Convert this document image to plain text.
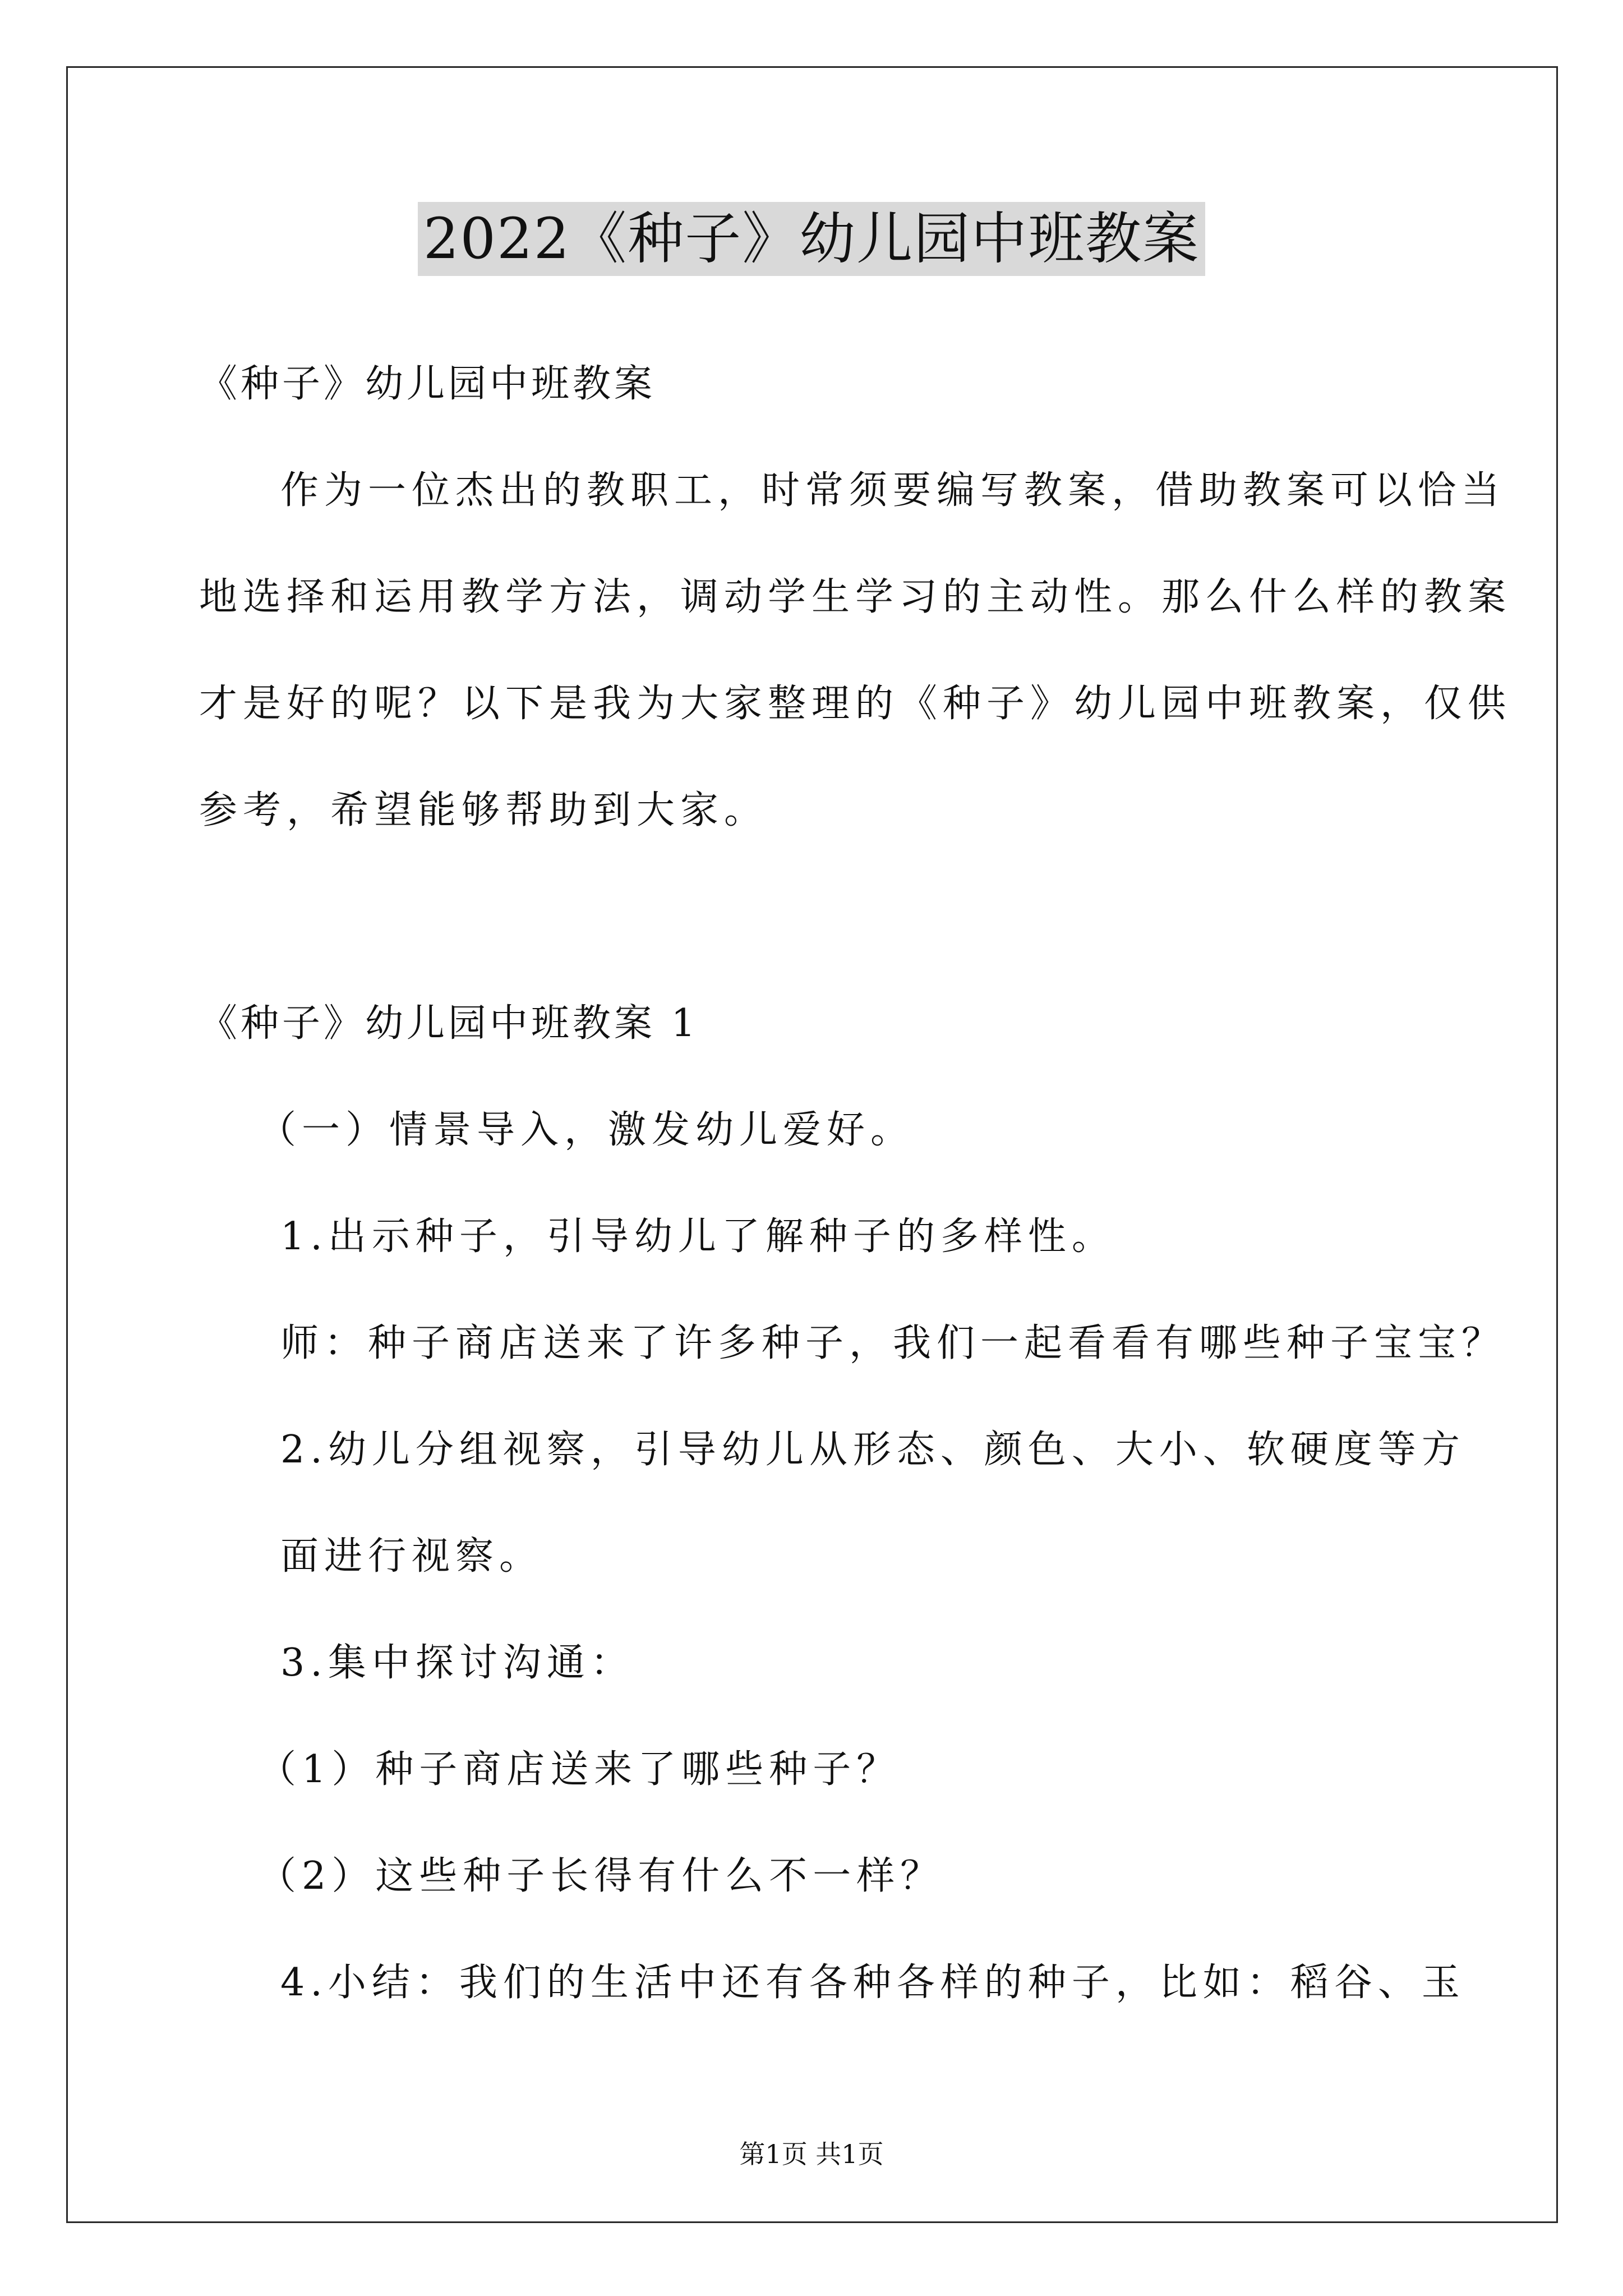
2022《种子》幼儿园中班教案
《种子》幼儿园中班教案
作为一位杰出的教职工，时常须要编写教案，借助教案可以恰当
地选择和运用教学方法，调动学生学习的主动性。那么什么样的教案
才是好的呢？以下是我为大家整理的《种子》幼儿园中班教案，仅供
参考，希望能够帮助到大家。
《种子》幼儿园中班教案 1
（一）情景导入，激发幼儿爱好。
1.出示种子，引导幼儿了解种子的多样性。
师：种子商店送来了许多种子，我们一起看看有哪些种子宝宝？
2.幼儿分组视察，引导幼儿从形态、颜色、大小、软硬度等方
面进行视察。
3.集中探讨沟通：
（1）种子商店送来了哪些种子？
（2）这些种子长得有什么不一样？
4.小结：我们的生活中还有各种各样的种子，比如：稻谷、玉
第1页 共1页
